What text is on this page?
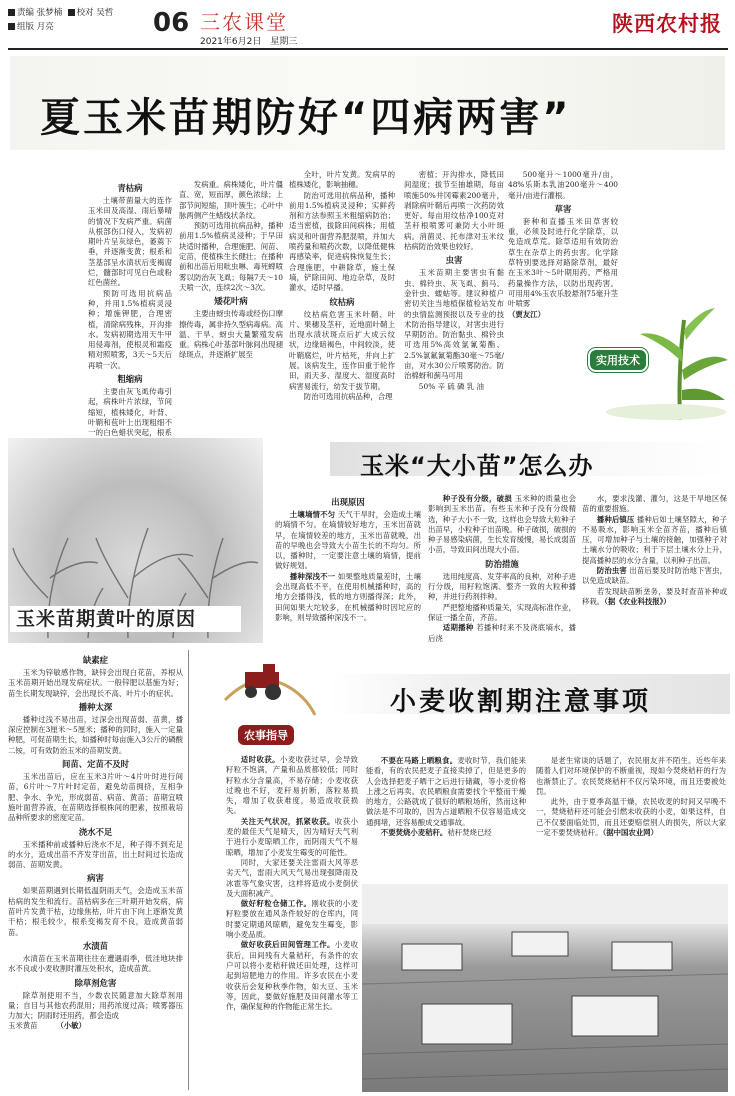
责编 张梦楠 校对 吴哲
组版 月亮	06 三农课堂
2021年6月2日　星期三
陕西农村报
夏玉米苗期防好“四病两害”
青枯病

土壤带菌量大的连作玉米田及高湿、雨后暴晴的情况下发病严重。病菌从根部伤口侵入，发病初期叶片呈灰绿色，萎蔫下垂，并逐渐变黄；根系和茎基部呈水渍状后变褐腐烂，髓部时可见白色或粉红色菌丝。

预防可选用抗病品种，并用1.5%植病灵浸种；增施钾肥，合理密植，清除病残株，开沟排水。发病初期选用天牛甲用侵毒剂，使根灵和霜疫精对照喷雾，3天～5天后再喷一次。

粗缩病

主要由灰飞虱传毒引起，病株叶片浓绿，节间缩短，植株矮化，叶背、叶鞘和苞叶上出现粗细不一的白色蜡状突起，根系

发病重。病株矮化，叶片僵直、宽，短而厚，颜色浓绿；上部节间短缩，顶叶簇生；心叶中脉两侧产生蜡线状条纹。

预防可选用抗病品种，播种前用1.5%植病灵浸种；于早田块适时播种，合理施肥、间苗、定苗，使植株生长健壮；在播种前和出苗后用吡虫啉、毒死蜱喷雾以防治灰飞虱；每隔7天～10天喷一次，连续2次～3次。

矮花叶病

主要由蚜虫传毒或经伤口摩擦传毒，属非持久型病毒病。高温、干旱、蚜虫大量繁殖发病重。病株心叶基部叶脉间出现褪绿斑点，并逐渐扩展至

全叶，叶片发黄。发病早的植株矮化，影响抽穗。

防治可选用抗病品种，播种前用1.5%植病灵浸种；实鲜药剂和方法参照玉米粗缩病防治；适当密植，拔除田间病株；用植病灵和叶面营养肥混喷，并加大喷药量和喷药次数，以降低健株再感染率，促进病株恢复生长；合理施肥，中耕除草，施土保墒，铲除田间、地边杂草，及时灌水，适时早播。

纹枯病

纹枯病危害玉米叶鞘、叶片、果穗及茎秆，近地面叶鞘上出现水渍状斑点后扩大成云纹状，边缘暗褐色，中间较淡，使叶鞘腐烂，叶片枯死，并向上扩展。该病发生，连作田重于轮作田，雨天多、湿度大、湿度高时病害易流行，幼发于拔节期。

防治可选用抗病品种，合理

密植；开沟排水，降低田间湿度；拔节至抽雄期，每亩喷施50%井冈霉素200毫升，剥除病叶鞘后再喷一次药防效更好。每亩用纹枯净100克对茎秆根喷雾可兼防大小叶斑病。消菌灵、托布津对玉米纹枯病防治效果也较好。

虫害

玉米苗期主要害虫有黏虫、棉铃虫、灰飞虱、蓟马、金针虫、蝼蛄等。建议种植户密切关注当地植保植检站发布的虫情监测预报以及专业的技术防治指导建议，对害虫进行早期防治。防治黏虫、棉铃虫可选用5%高效氯氰菊酯、2.5%氯氟氰菊酯30毫～75毫/亩，对水30公斤喷雾防治。防治棉蚜和蓟马可用

50% 辛 硫 磷 乳 油

500毫升～1000毫升/亩，48%乐斯本乳油200毫升～400毫升/亩进行灌根。

草害

套种和直播玉米田草害较重，必须及时进行化学除草，以免造成草荒。除草适用有效防治草生在杂草上的药虫害。化学除草特别要选择对路除草剂，最好在玉米3叶～5叶期用药。严格用药量操作方法，以防出现药害。可用用4%玉农乐胶悬剂75毫升茎叶喷雾

（贾友江）

实用技术
玉米苗期黄叶的原因
玉米“大小苗”怎么办
出现原因

土壤墒情不匀 天气干旱时，会造成土壤的墒情不匀。在墒情较好地方，玉米出苗就早，在墒情较差的地方，玉米出苗就晚，出苗的早晚也会导致大小苗生长的不均匀。所以，播种时，一定要注意土壤的墒情，提前做好规划。

播种深浅不一 如果整地质量差时，土壤会出现高低不平，在使用机械播种时，高的地方会播得浅，低的地方则播得深；此外，田间如果大坨较多，在机械播种时因坨应的影响，则导致播种深浅不一。

种子没有分级，破损 玉米种的质量也会影响到玉米出苗。有些玉米种子没有分级精选，种子大小不一致，这样也会导致大粒种子出苗早，小粒种子出苗晚。种子破损，破损的种子易感染病菌，生长发育缓慢，易长成弱苗小苗，导致田间出现大小苗。

防治措施

选用纯度高、发芽率高的良种，对种子进行分级，用籽粒饱满、整齐一致的大粒种播种，并进行药剂拌种。

严把整地播种质量关，实现高标准作业，保证一播全苗，齐苗。

适期播种 若播种时来不及浇底墒水，播后浇

水，要求浅灌、灌匀，这是干旱地区保苗的重要措施。

播种后镇压 播种后如土壤坚隙大，种子不易吸水，影响玉米全苗齐苗，播种后镇压，可增加种子与土壤的接触，加强种子对土壤水分的吸收；利于下层土壤水分上升，提高播种层的水分含量，以利种子出苗。

防治虫害 出苗后要及时防治地下害虫，以免造成缺苗。

若发现缺苗断垄务，要及时查苗补种或移栽。（据《农业科技报》）

缺素症

玉米为锌敏感作物，缺锌会出现白花苗，养根从玉米苗期开始出现发病症状。一般锌肥以基施为好；苗生长期发现缺锌，会出现长不高、叶片小的症状。

播种太深

播种过浅不易出苗，过深会出现苗弱、苗黄，播深应控制在3厘米～5厘米；播种的同时，施入一定量种肥，可促苗期生长，如播种时每亩施入3公斤的磷酸二铵，可有效防治玉米的苗期发黄。

间苗、定苗不及时

玉米出苗后，应在玉米3片叶～4片叶时进行间苗，6片叶～7片叶时定苗，避免幼苗拥挤，互相争肥、争水、争光，形成弱苗、病苗、黄苗；苗期宜喷施叶面营养液，在苗期选择根株间的肥素，按照栽培品种所要求的密度定苗。

浇水不足

玉米播种前或播种后浇水不足，种子得不到充足的水分，造成出苗不齐发芽出苗，出土时间过长造成弱苗、苗期发黄。

病害

如果苗期遇到长期低温阴雨天气，会造成玉米苗枯病的发生和流行。苗枯病多在三叶期开始发病，病苗叶片发黄干枯，边缘焦枯，叶片由下向上逐渐发黄干枯；根毛较少，根系变褐发育不良，造成黄苗弱苗。

水渍苗

水渍苗在玉米苗期往往在遭遇雨季，低洼地块排水不良或小麦收割时灌压处积水，造成苗黄。

除草剂危害

除草剂使用不当，少数农民随意加大除草剂用量；自目与其他农药混用；用药浓度过高；喷雾器压力加大；阴雨时还用药，都会造成

玉米黄苗	（小敏）

农事指导
小麦收割期注意事项

适时收获。小麦收获过早，会导致籽粒不饱满，产量和品质都较低；同时籽粒水分含量高，不易存储；小麦收获过晚也不好，麦秆易折断，落粒易损失，增加了收获难度，易造成收获损失。

关注天气状况，抓紧收获。收获小麦的最佳天气是晴天，因为晴好天气利于进行小麦晾晒工作，而阴雨天气不易晾晒，增加了小麦发生霉变的可能性。

同时，大家还要关注雷雨大风等恶劣天气，雷雨大风天气易出现强降雨及冰雹等气象灾害，这样将造成小麦倒伏及大面积减产。

做好籽粒仓储工作。刚收获的小麦籽粒要放在通风条件较好的仓库内，同时要定期通风晾晒，避免发生霉变，影响小麦品质。

做好收获后田间管理工作。小麦收获后，田间残有大量秸秆，有条件的农户可以将小麦秸秆做还田处理，这样可起到培肥地力的作用。许多农民在小麦收获后会复种秋季作物，如大豆、玉米等，因此，要做好施肥及田间灌水等工作，确保复种的作物能正常生长。

不要在马路上晒粮食。麦收时节，我们能来能看，有的农民把麦子直接卖掉了，但是更多的人会选择把麦子晒干之后进行储藏，等小麦价格上涨之后再卖。农民晒粮食需要找个平整而干燥的地方，公路就成了很好的晒粮场所，然而这种做法是不可取的，因为占道晒粮不仅容易造成交通拥堵，还容易酿成交通事故。

不要焚烧小麦秸秆。秸秆焚烧已经

是老生常谈的话题了，农民朋友并不陌生。近些年来随着人们对环境保护的不断重视，现如今焚烧秸秆的行为也渐禁止了。农民焚烧秸秆不仅污染环境，而且还要被处罚。

此外，由于夏季高温干燥，农民收麦的时间又早晚不一，焚烧秸秆还可能会引燃未收获的小麦，如果这样，自己不仅要面临处罚，而且还要赔偿别人的损失，所以大家一定不要焚烧秸秆。（据中国农业网）
